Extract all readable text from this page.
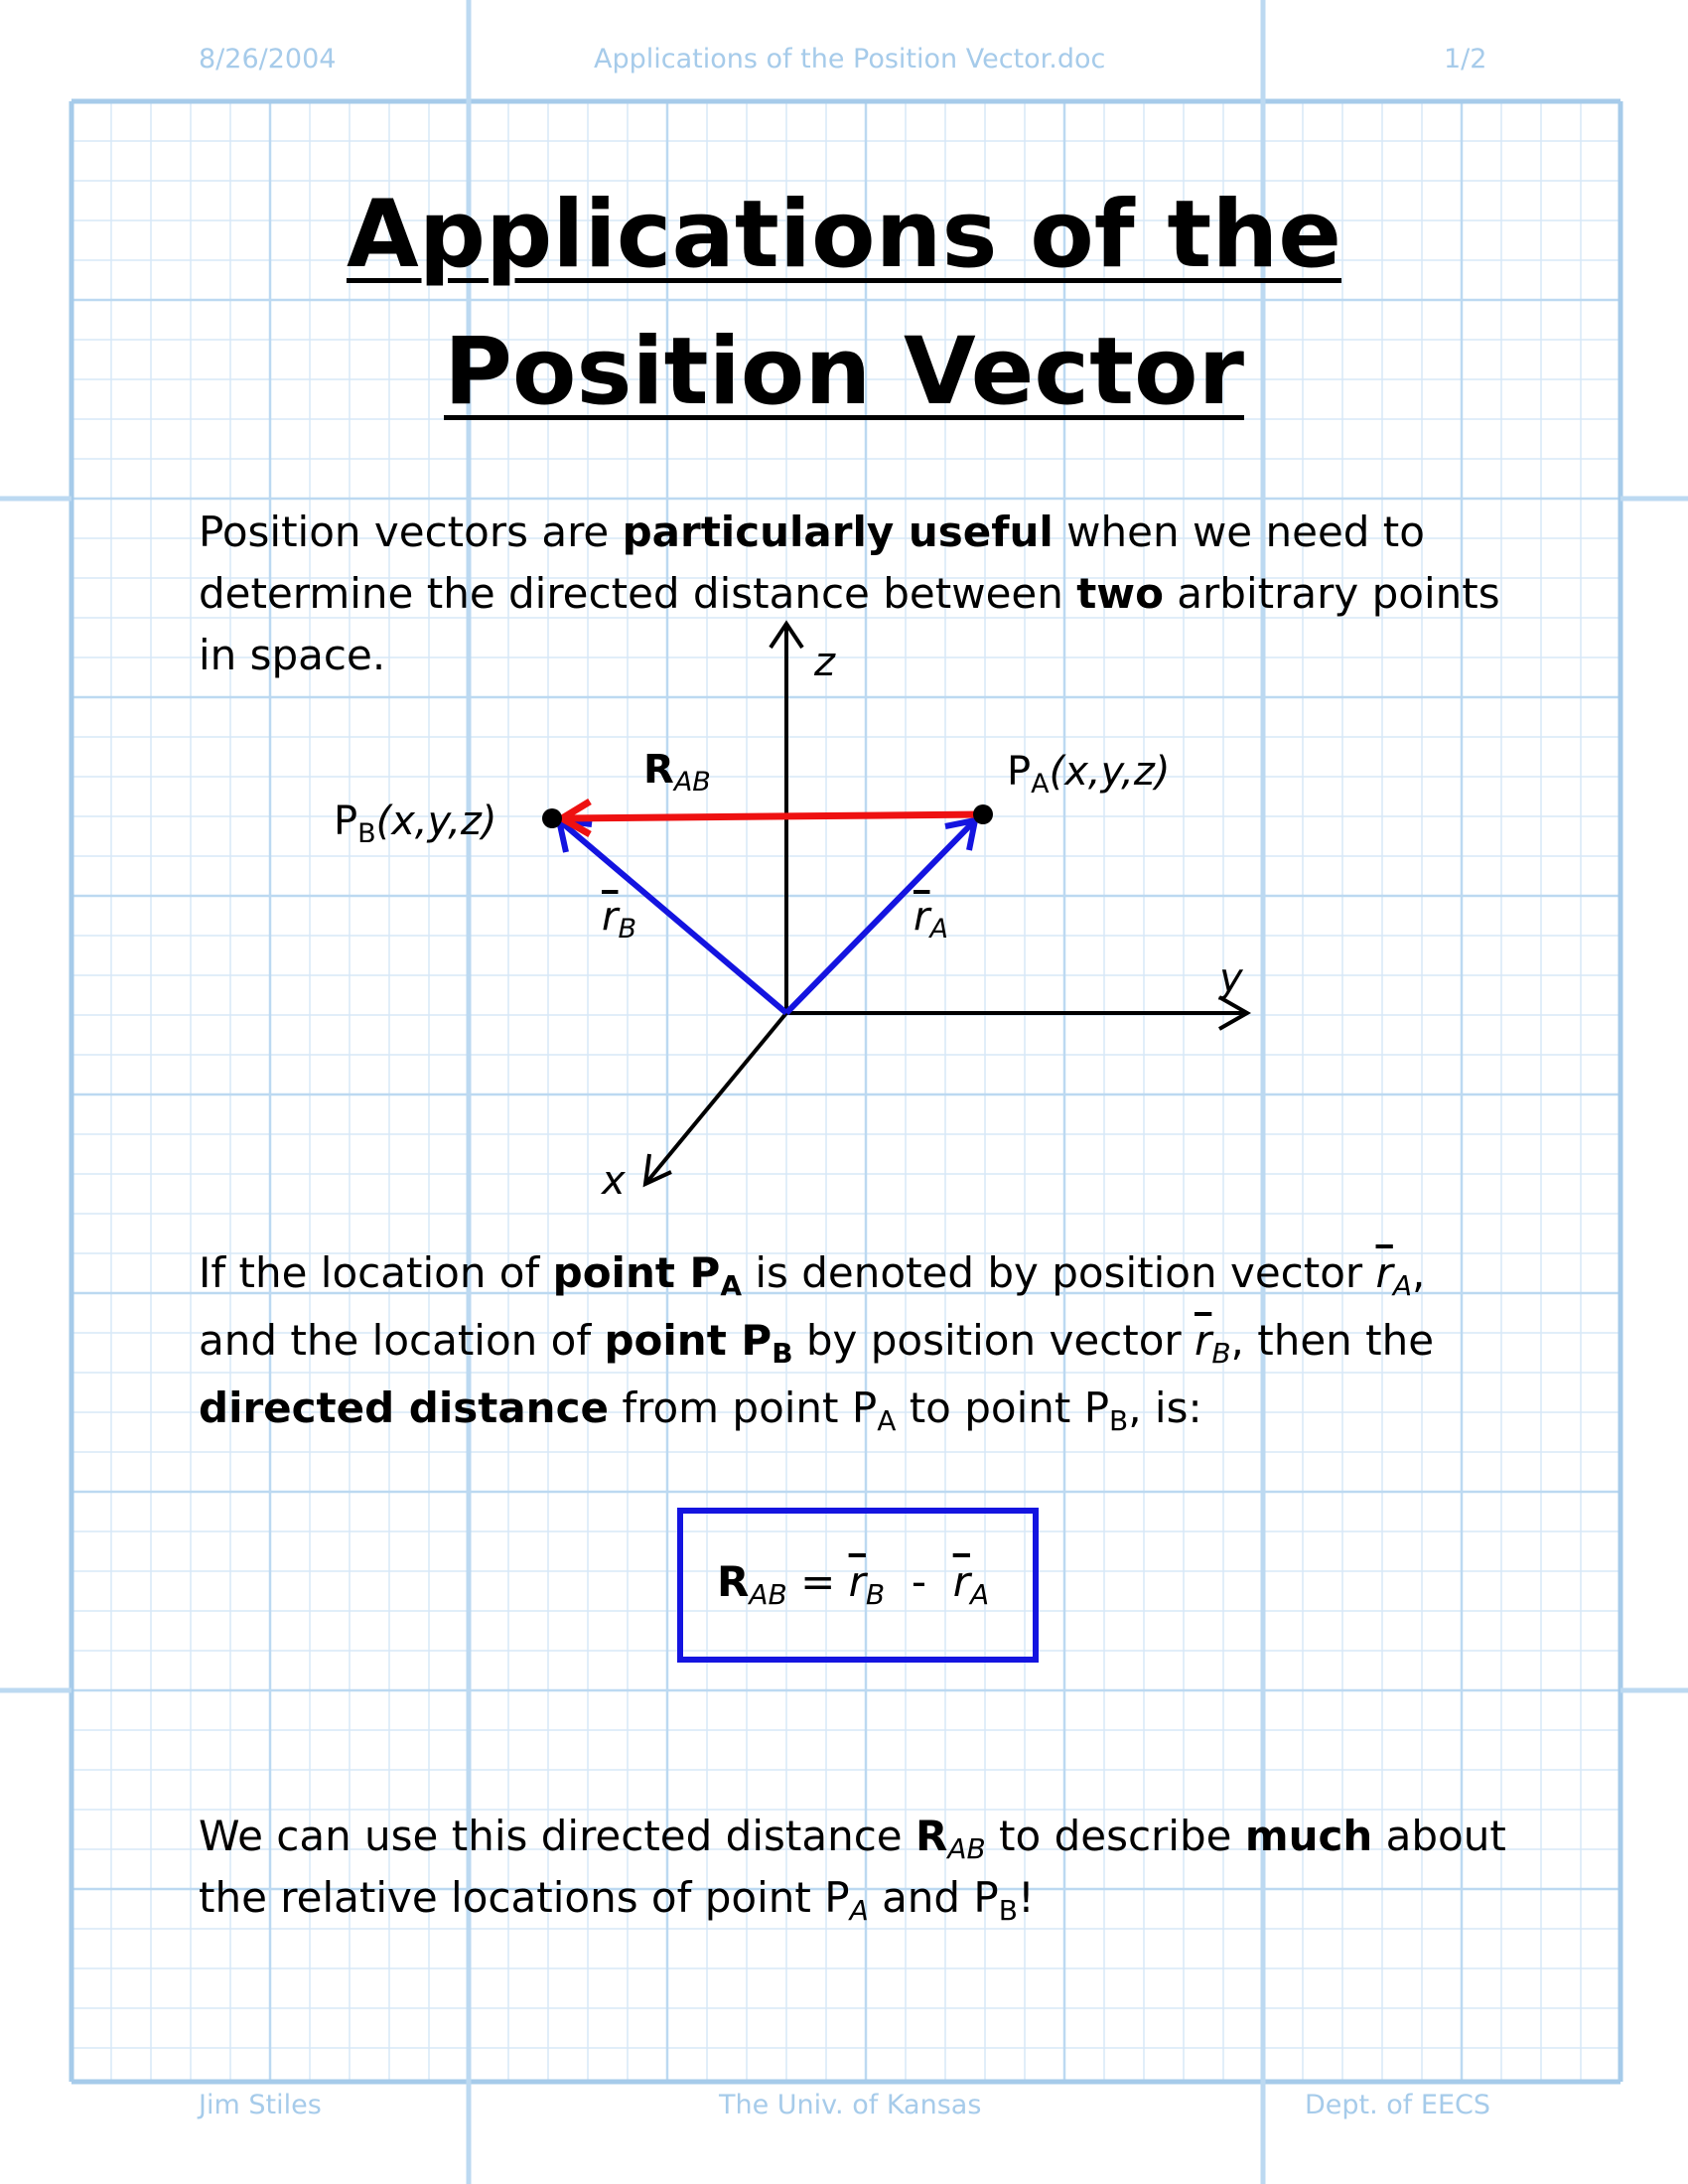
8/26/2004	Applications of the Position Vector.doc	1/2
Applications of the
Position Vector
Position vectors are particularly useful when we need to
determine the directed distance between two arbitrary points
in space.	z
y
x
$R_{AB}$	$P_A(x,y,z)$
$P_B(x,y,z)$
$\overline{r}_B$	$\overline{r}_A$
If the location of point $P_A$ is denoted by position vector $\overline{r}_A$,
and the location of point $P_B$ by position vector $\overline{r}_B$, then the
directed distance from point $P_A$ to point $P_B$, is:
$R_{AB} = \overline{r}_B - \overline{r}_A$
We can use this directed distance $R_{AB}$ to describe much about
the relative locations of point $P_A$ and $P_B$!
Jim Stiles	The Univ. of Kansas	Dept. of EECS
